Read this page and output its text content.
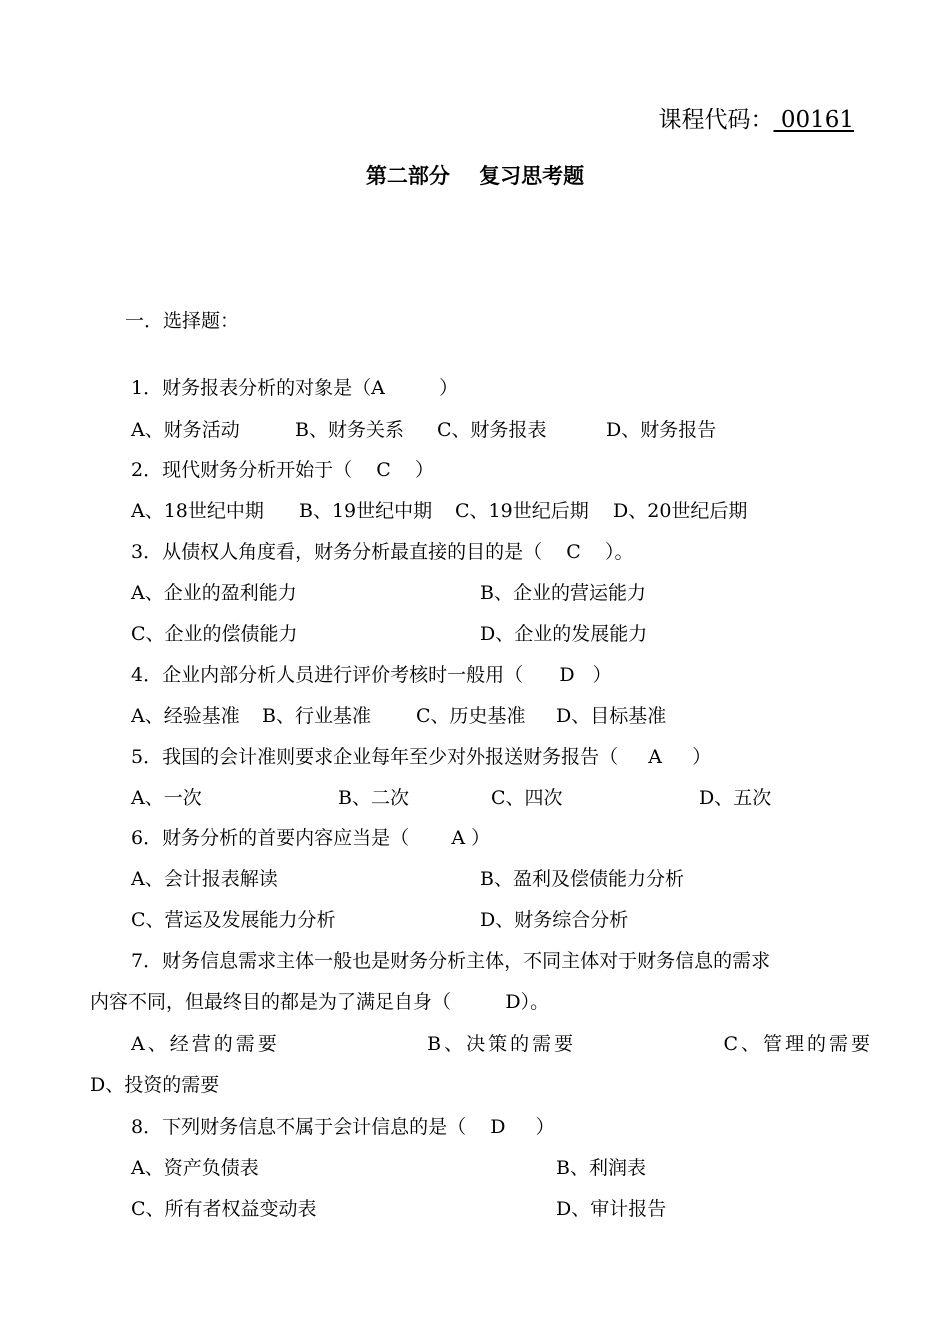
课程代码： 00161
第二部分    复习思考题
一．选择题：
1．财务报表分析的对象是（A         ）
A、财务活动	B、财务关系 C、财务报表	D、财务报告
2．现代财务分析开始于（    C    ）
A、18世纪中期 B、19世纪中期 C、19世纪后期 D、20世纪后期
3．从债权人角度看，财务分析最直接的目的是（    C    ）。
A、企业的盈利能力	B、企业的营运能力
C、企业的偿债能力	D、企业的发展能力
4．企业内部分析人员进行评价考核时一般用（      D   ）
A、经验基准 B、行业基准 C、历史基准 D、目标基准
5．我国的会计准则要求企业每年至少对外报送财务报告（     A     ）
A、一次	B、二次	C、四次	D、五次
6．财务分析的首要内容应当是（       A ）
A、会计报表解读	B、盈利及偿债能力分析
C、营运及发展能力分析	D、财务综合分析
7．财务信息需求主体一般也是财务分析主体，不同主体对于财务信息的需求
内容不同，但最终目的都是为了满足自身（         D）。
A、经营的需要	B、决策的需要	C、管理的需要
D、投资的需要
8．下列财务信息不属于会计信息的是（    D     ）
A、资产负债表	B、利润表
C、所有者权益变动表	D、审计报告
